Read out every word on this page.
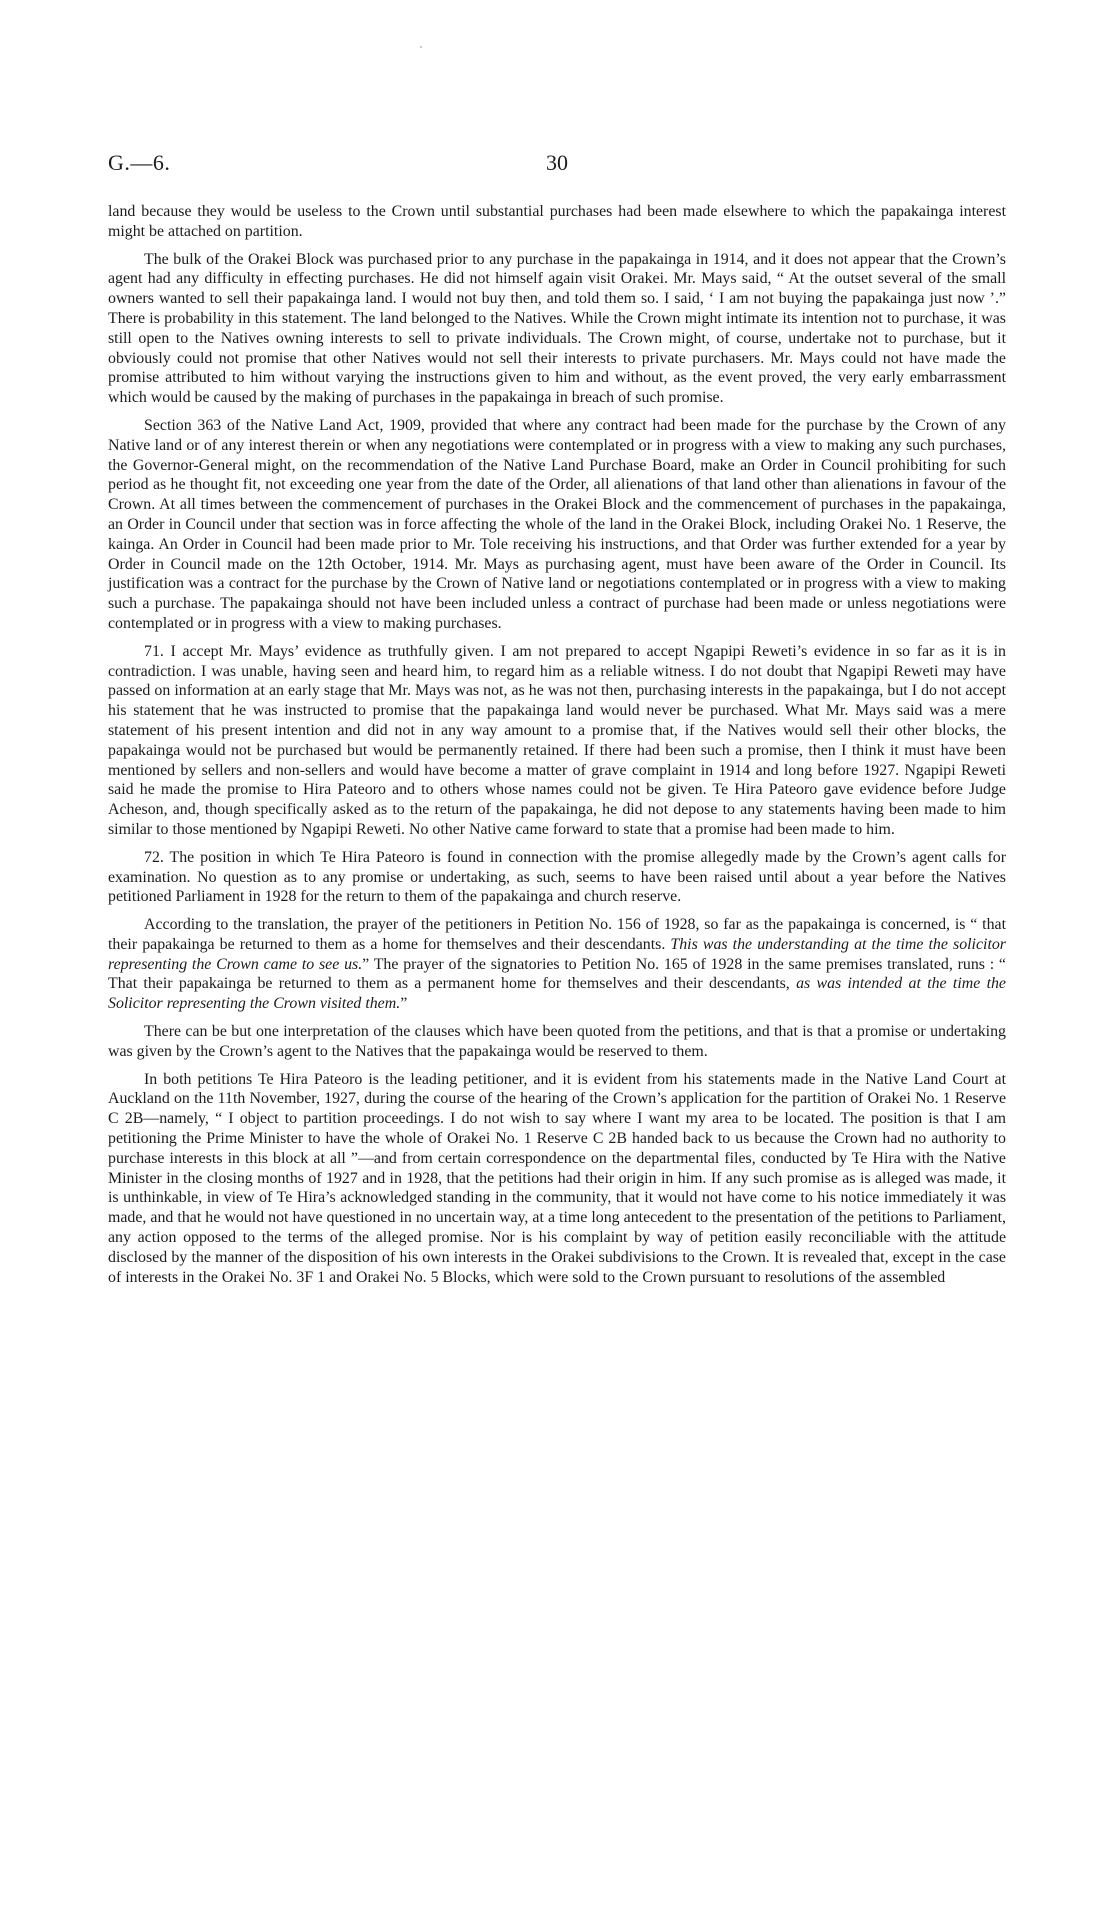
G.—6.	30

land because they would be useless to the Crown until substantial purchases had been made elsewhere to which the papakainga interest might be attached on partition.

The bulk of the Orakei Block was purchased prior to any purchase in the papakainga in 1914, and it does not appear that the Crown’s agent had any difficulty in effecting purchases. He did not himself again visit Orakei. Mr. Mays said, “ At the outset several of the small owners wanted to sell their papakainga land. I would not buy then, and told them so. I said, ‘ I am not buying the papakainga just now ’.” There is probability in this statement. The land belonged to the Natives. While the Crown might intimate its intention not to purchase, it was still open to the Natives owning interests to sell to private individuals. The Crown might, of course, undertake not to purchase, but it obviously could not promise that other Natives would not sell their interests to private purchasers. Mr. Mays could not have made the promise attributed to him without varying the instructions given to him and without, as the event proved, the very early embarrassment which would be caused by the making of purchases in the papakainga in breach of such promise.

Section 363 of the Native Land Act, 1909, provided that where any contract had been made for the purchase by the Crown of any Native land or of any interest therein or when any negotiations were contemplated or in progress with a view to making any such purchases, the Governor-General might, on the recommendation of the Native Land Purchase Board, make an Order in Council prohibiting for such period as he thought fit, not exceeding one year from the date of the Order, all alienations of that land other than alienations in favour of the Crown. At all times between the commencement of purchases in the Orakei Block and the commencement of purchases in the papakainga, an Order in Council under that section was in force affecting the whole of the land in the Orakei Block, including Orakei No. 1 Reserve, the kainga. An Order in Council had been made prior to Mr. Tole receiving his instructions, and that Order was further extended for a year by Order in Council made on the 12th October, 1914. Mr. Mays as purchasing agent, must have been aware of the Order in Council. Its justification was a contract for the purchase by the Crown of Native land or negotiations contemplated or in progress with a view to making such a purchase. The papakainga should not have been included unless a contract of purchase had been made or unless negotiations were contemplated or in progress with a view to making purchases.

71. I accept Mr. Mays’ evidence as truthfully given. I am not prepared to accept Ngapipi Reweti’s evidence in so far as it is in contradiction. I was unable, having seen and heard him, to regard him as a reliable witness. I do not doubt that Ngapipi Reweti may have passed on information at an early stage that Mr. Mays was not, as he was not then, purchasing interests in the papakainga, but I do not accept his statement that he was instructed to promise that the papakainga land would never be purchased. What Mr. Mays said was a mere statement of his present intention and did not in any way amount to a promise that, if the Natives would sell their other blocks, the papakainga would not be purchased but would be permanently retained. If there had been such a promise, then I think it must have been mentioned by sellers and non-sellers and would have become a matter of grave complaint in 1914 and long before 1927. Ngapipi Reweti said he made the promise to Hira Pateoro and to others whose names could not be given. Te Hira Pateoro gave evidence before Judge Acheson, and, though specifically asked as to the return of the papakainga, he did not depose to any statements having been made to him similar to those mentioned by Ngapipi Reweti. No other Native came forward to state that a promise had been made to him.

72. The position in which Te Hira Pateoro is found in connection with the promise allegedly made by the Crown’s agent calls for examination. No question as to any promise or undertaking, as such, seems to have been raised until about a year before the Natives petitioned Parliament in 1928 for the return to them of the papakainga and church reserve.

According to the translation, the prayer of the petitioners in Petition No. 156 of 1928, so far as the papakainga is concerned, is “ that their papakainga be returned to them as a home for themselves and their descendants. This was the understanding at the time the solicitor representing the Crown came to see us.” The prayer of the signatories to Petition No. 165 of 1928 in the same premises translated, runs : “ That their papakainga be returned to them as a permanent home for themselves and their descendants, as was intended at the time the Solicitor representing the Crown visited them.”

There can be but one interpretation of the clauses which have been quoted from the petitions, and that is that a promise or undertaking was given by the Crown’s agent to the Natives that the papakainga would be reserved to them.

In both petitions Te Hira Pateoro is the leading petitioner, and it is evident from his statements made in the Native Land Court at Auckland on the 11th November, 1927, during the course of the hearing of the Crown’s application for the partition of Orakei No. 1 Reserve C 2B—namely, “ I object to partition proceedings. I do not wish to say where I want my area to be located. The position is that I am petitioning the Prime Minister to have the whole of Orakei No. 1 Reserve C 2B handed back to us because the Crown had no authority to purchase interests in this block at all ”—and from certain correspondence on the departmental files, conducted by Te Hira with the Native Minister in the closing months of 1927 and in 1928, that the petitions had their origin in him. If any such promise as is alleged was made, it is unthinkable, in view of Te Hira’s acknowledged standing in the community, that it would not have come to his notice immediately it was made, and that he would not have questioned in no uncertain way, at a time long antecedent to the presentation of the petitions to Parliament, any action opposed to the terms of the alleged promise. Nor is his complaint by way of petition easily reconciliable with the attitude disclosed by the manner of the disposition of his own interests in the Orakei subdivisions to the Crown. It is revealed that, except in the case of interests in the Orakei No. 3F 1 and Orakei No. 5 Blocks, which were sold to the Crown pursuant to resolutions of the assembled
